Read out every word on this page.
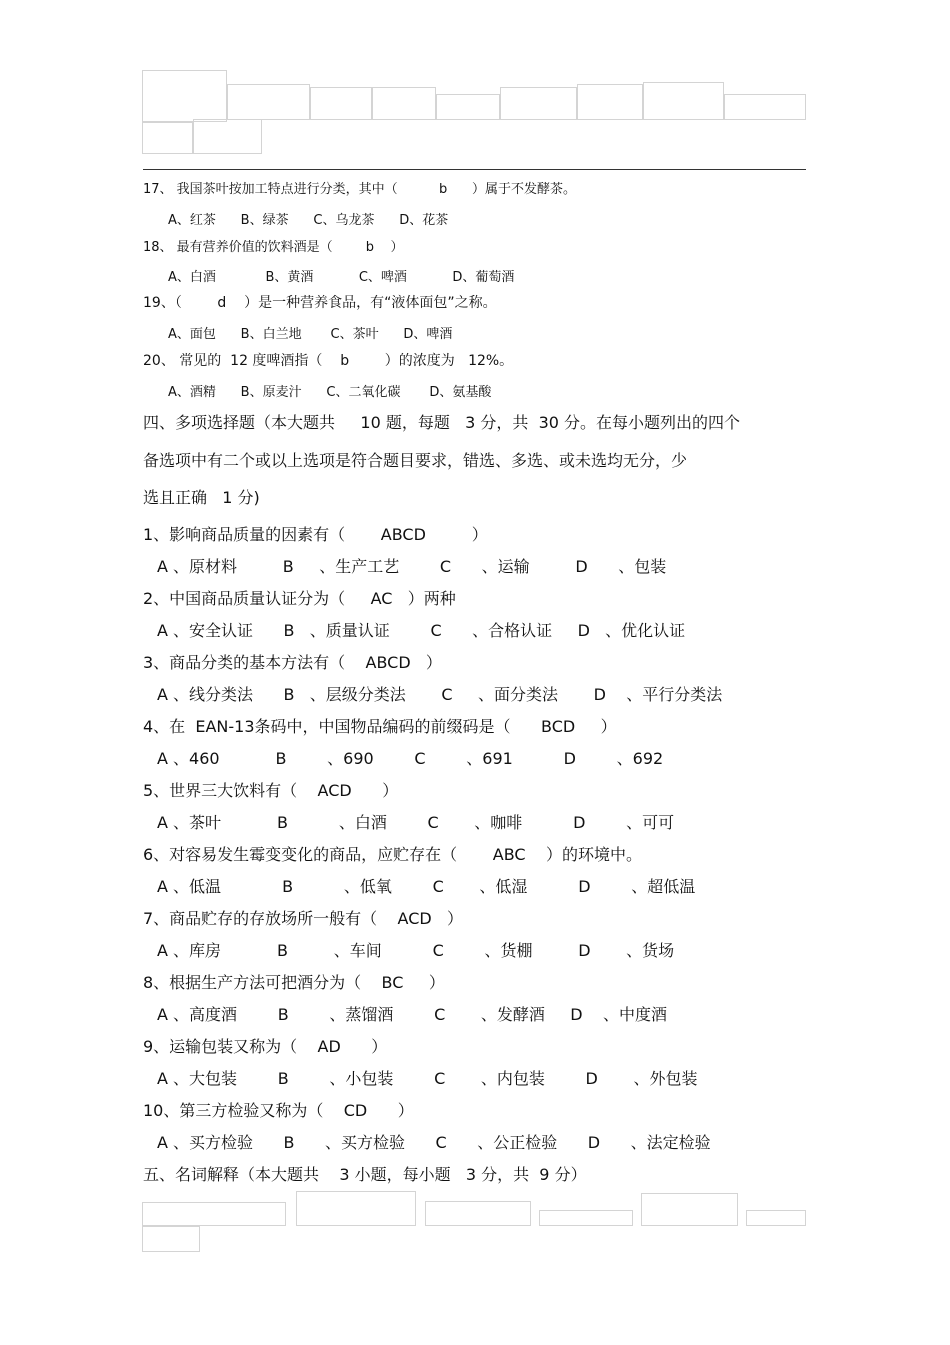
17、 我国茶叶按加工特点进行分类，其中（          b      ）属于不发酵茶。
A、红茶      B、绿茶      C、乌龙茶      D、花茶
18、 最有营养价值的饮料酒是（        b    ）
A、白酒            B、黄酒           C、啤酒           D、葡萄酒
19、（        d    ）是一种营养食品，有“液体面包”之称。
A、面包      B、白兰地       C、茶叶      D、啤酒
20、 常见的  12 度啤酒指（    b        ）的浓度为   12%。
A、酒精      B、原麦汁      C、二氧化碳       D、氨基酸
四、多项选择题（本大题共     10 题，每题   3 分，共  30 分。在每小题列出的四个
备选项中有二个或以上选项是符合题目要求，错选、多选、或未选均无分，少
选且正确   1 分)
1、影响商品质量的因素有（       ABCD         ）
A 、原材料         B     、生产工艺        C      、运输         D      、包装
2、中国商品质量认证分为（     AC   ）两种
A 、安全认证      B   、质量认证        C      、合格认证     D   、优化认证
3、商品分类的基本方法有（    ABCD   ）
A 、线分类法      B   、层级分类法       C     、面分类法       D    、平行分类法
4、在  EAN-13条码中，中国物品编码的前缀码是（      BCD     ）
A 、460           B        、690        C        、691          D        、692
5、世界三大饮料有（    ACD      ）
A 、茶叶           B          、白酒        C       、咖啡          D        、可可
6、对容易发生霉变变化的商品，应贮存在（       ABC    ）的环境中。
A 、低温            B          、低氧        C       、低湿          D        、超低温
7、商品贮存的存放场所一般有（    ACD   ）
A 、库房           B         、车间          C        、货棚         D       、货场
8、根据生产方法可把酒分为（    BC     ）
A 、高度酒        B        、蒸馏酒        C       、发酵酒     D    、中度酒
9、运输包装又称为（    AD      ）
A 、大包装        B        、小包装        C       、内包装        D       、外包装
10、第三方检验又称为（    CD      ）
A 、买方检验      B      、买方检验      C      、公正检验      D      、法定检验
五、名词解释（本大题共    3 小题，每小题   3 分，共  9 分）
